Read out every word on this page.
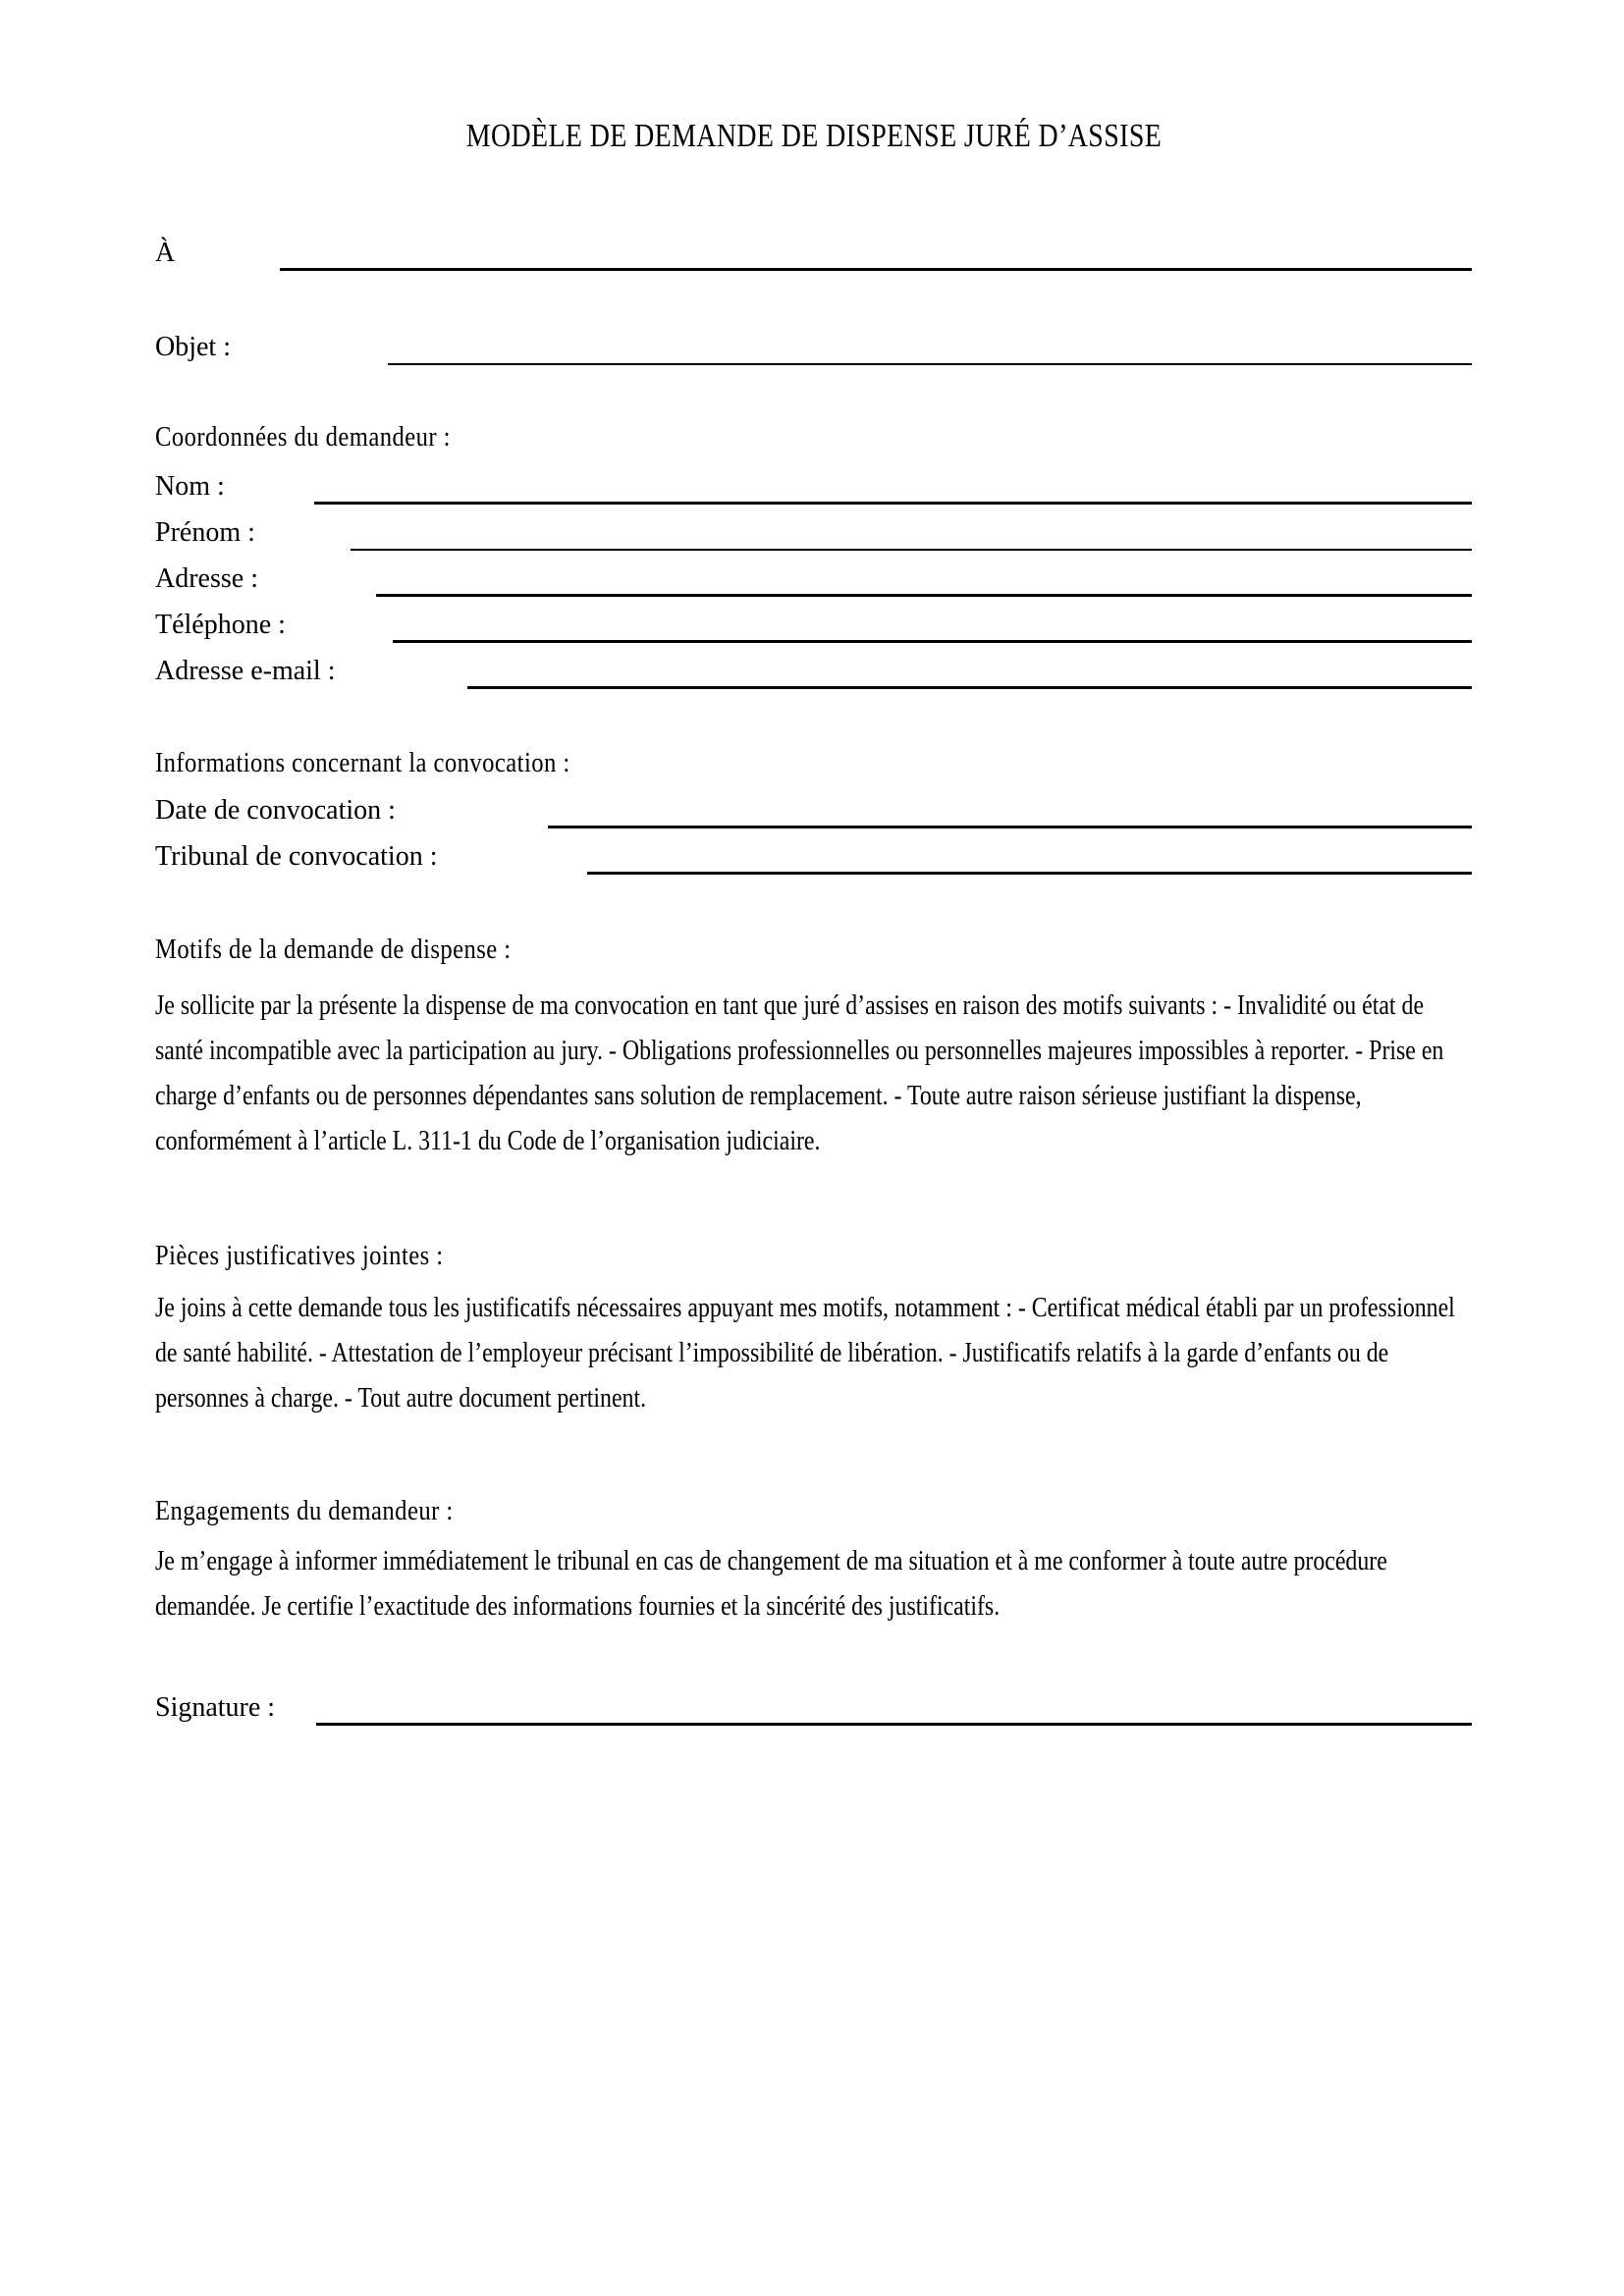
MODÈLE DE DEMANDE DE DISPENSE JURÉ D’ASSISE
À
Objet :
Coordonnées du demandeur :
Nom :
Prénom :
Adresse :
Téléphone :
Adresse e-mail :
Informations concernant la convocation :
Date de convocation :
Tribunal de convocation :
Motifs de la demande de dispense :
Je sollicite par la présente la dispense de ma convocation en tant que juré d’assises en raison des motifs suivants : - Invalidité ou état de santé incompatible avec la participation au jury. - Obligations professionnelles ou personnelles majeures impossibles à reporter. - Prise en charge d’enfants ou de personnes dépendantes sans solution de remplacement. - Toute autre raison sérieuse justifiant la dispense, conformément à l’article L. 311-1 du Code de l’organisation judiciaire.
Pièces justificatives jointes :
Je joins à cette demande tous les justificatifs nécessaires appuyant mes motifs, notamment : - Certificat médical établi par un professionnel de santé habilité. - Attestation de l’employeur précisant l’impossibilité de libération. - Justificatifs relatifs à la garde d’enfants ou de personnes à charge. - Tout autre document pertinent.
Engagements du demandeur :
Je m’engage à informer immédiatement le tribunal en cas de changement de ma situation et à me conformer à toute autre procédure demandée. Je certifie l’exactitude des informations fournies et la sincérité des justificatifs.
Signature :
